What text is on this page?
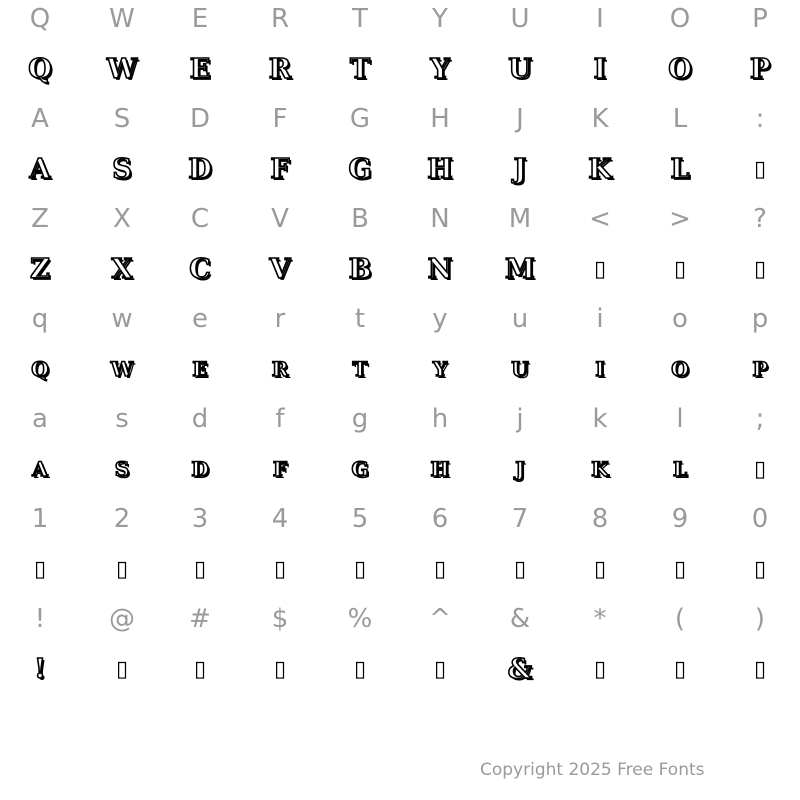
Q	W	E	R	T	Y	U	I	O	P
Q	W	E	R	T	Y	U	I	O	P
A	S	D	F	G	H	J	K	L	:
A	S	D	F	G	H	J	K	L	▯
Z	X	C	V	B	N	M	<	>	?
Z	X	C	V	B	N	M	▯	▯	▯
q	w	e	r	t	y	u	i	o	p
Q	W	E	R	T	Y	U	I	O	P
a	s	d	f	g	h	j	k	l	;
A	S	D	F	G	H	J	K	L	▯
1	2	3	4	5	6	7	8	9	0
▯	▯	▯	▯	▯	▯	▯	▯	▯	▯
!	@	#	$	%	^	&	*	(	)
!	▯	▯	▯	▯	▯	&	▯	▯	▯
Copyright 2025 Free Fonts
